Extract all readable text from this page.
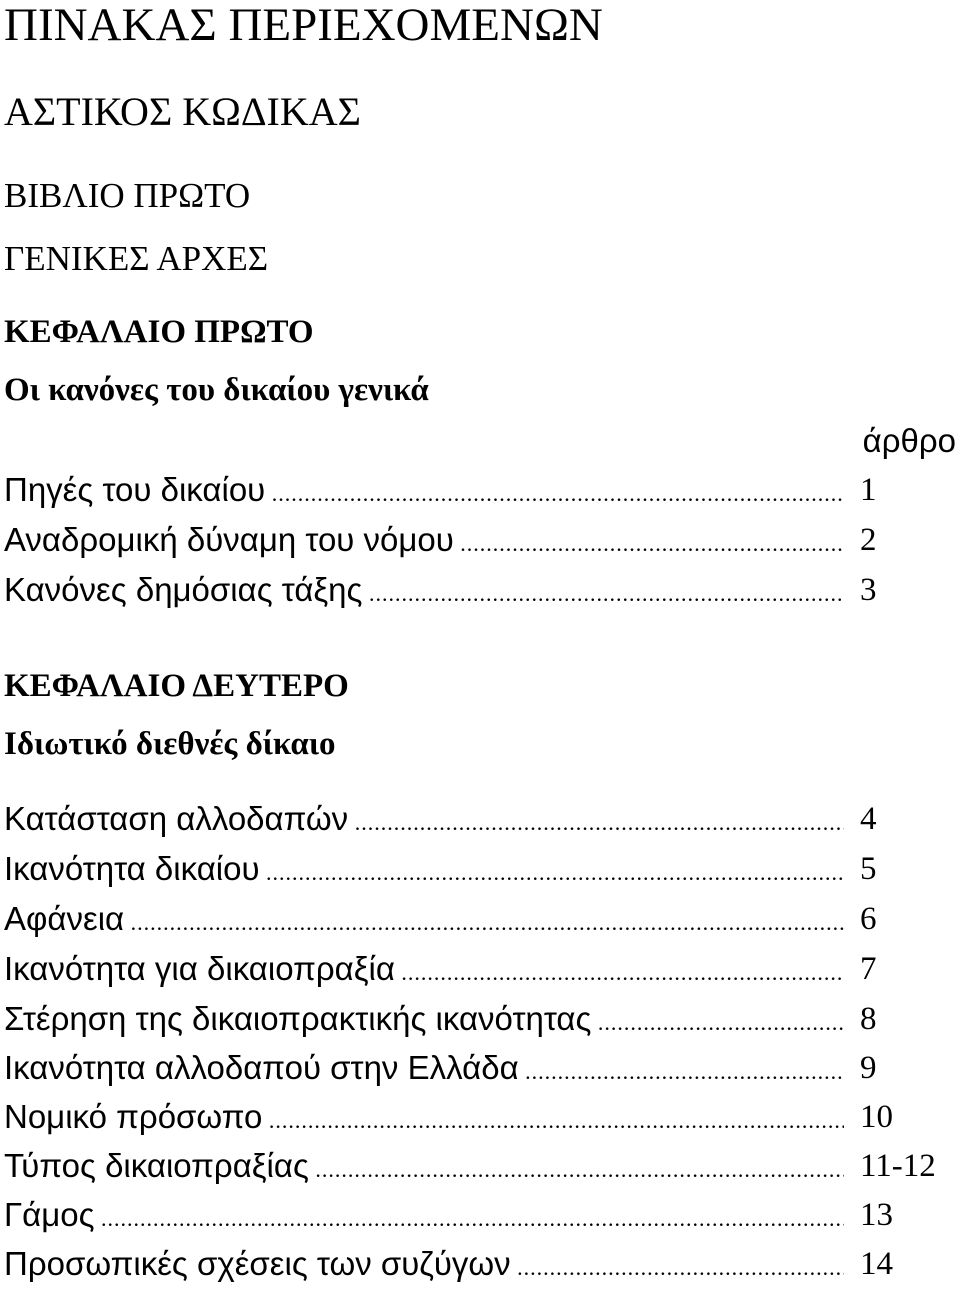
ΠΙΝΑΚΑΣ ΠΕΡΙΕΧΟΜΕΝΩΝ
ΑΣΤΙΚΟΣ ΚΩΔΙΚΑΣ
ΒΙΒΛΙΟ ΠΡΩΤΟ
ΓΕΝΙΚΕΣ ΑΡΧΕΣ
ΚΕΦΑΛΑΙΟ ΠΡΩΤΟ
Οι κανόνες του δικαίου γενικά
άρθρο
Πηγές του δικαίου .....	1
Αναδρομική δύναμη του νόμου .....	2
Κανόνες δημόσιας τάξης .....	3
ΚΕΦΑΛΑΙΟ ΔΕΥΤΕΡΟ
Ιδιωτικό διεθνές δίκαιο
Κατάσταση αλλοδαπών .....	4
Ικανότητα δικαίου .....	5
Αφάνεια .....	6
Ικανότητα για δικαιοπραξία .....	7
Στέρηση της δικαιοπρακτικής ικανότητας .....	8
Ικανότητα αλλοδαπού στην Ελλάδα .....	9
Νομικό πρόσωπο .....	10
Τύπος δικαιοπραξίας .....	11-12
Γάμος .....	13
Προσωπικές σχέσεις των συζύγων .....	14
